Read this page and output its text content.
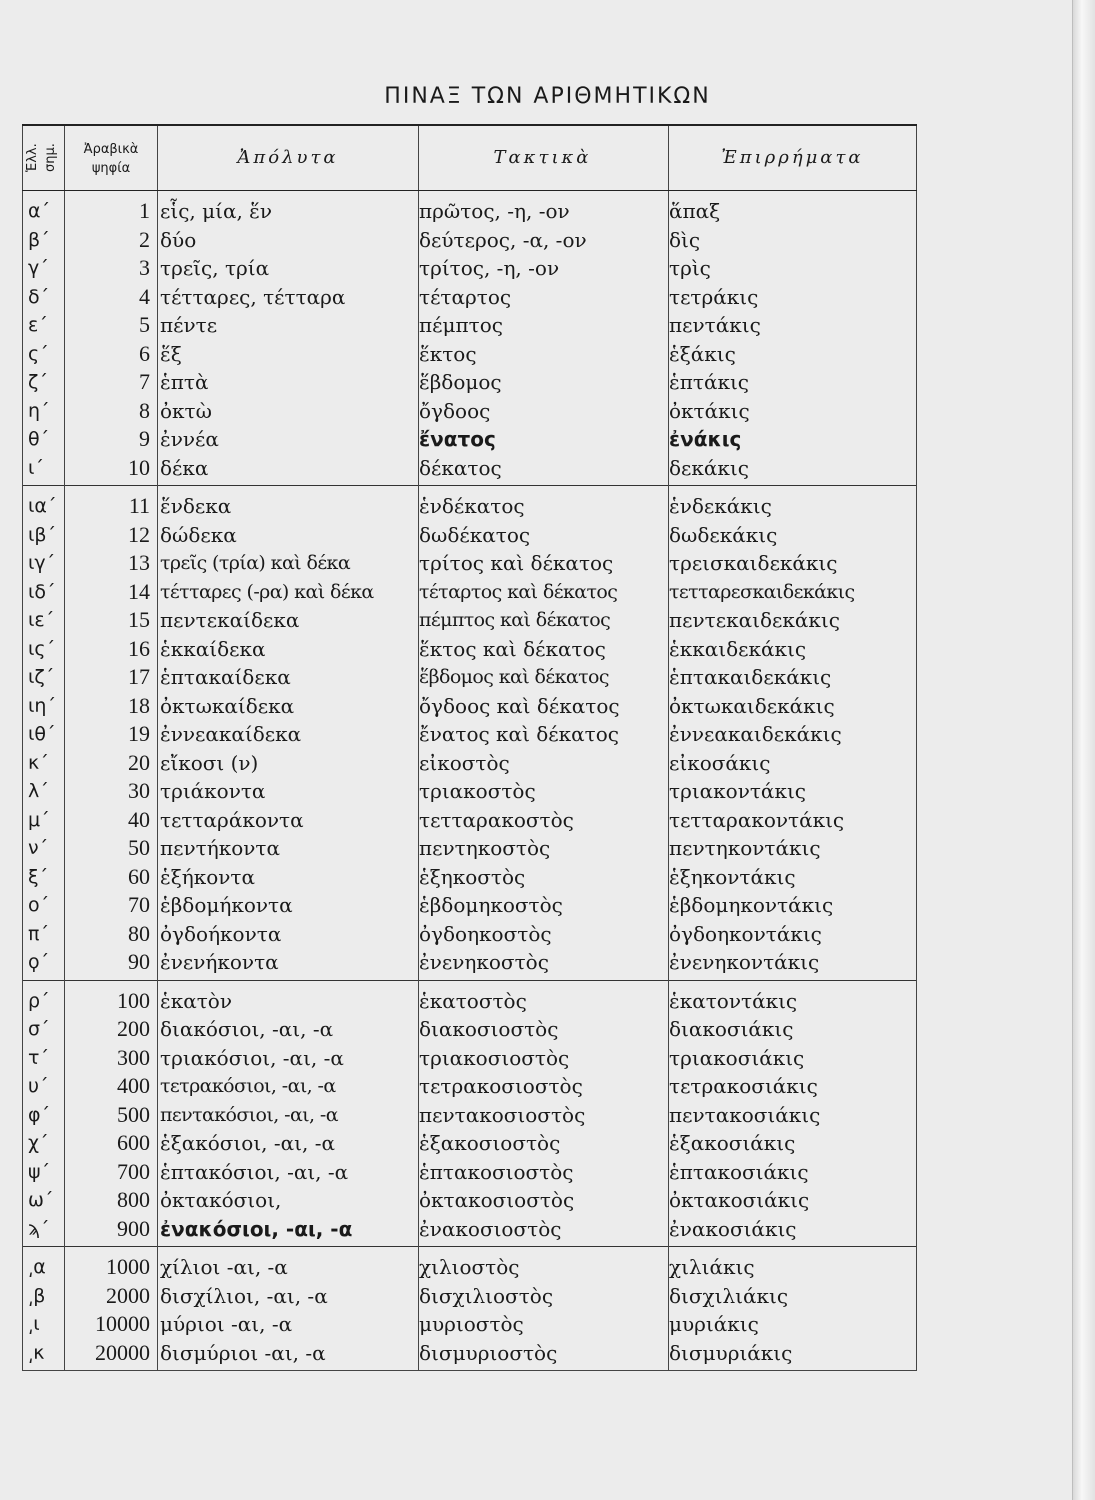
ΠΙΝΑΞ ΤΩΝ ΑΡΙΘΜΗΤΙΚΩΝ
Ἑλλ. σημ.	Ἀραβικὰ ψηφία
Ἀπόλυτα	Τακτικὰ	Ἐπιρρήματα
α΄	1 εἷς, μία, ἕν	πρῶτος, -η, -ον	ἅπαξ
β΄	2 δύο	δεύτερος, -α, -ον	δὶς
γ΄	3 τρεῖς, τρία	τρίτος, -η, -ον	τρὶς
δ΄	4 τέτταρες, τέτταρα	τέταρτος	τετράκις
ε΄	5 πέντε	πέμπτος	πεντάκις
ς΄	6 ἕξ	ἕκτος	ἑξάκις
ζ΄	7 ἑπτὰ	ἕβδομος	ἑπτάκις
η΄	8 ὀκτὼ	ὄγδοος	ὀκτάκις
θ΄	9 ἐννέα	ἔνατος	ἐνάκις
ι΄	10 δέκα	δέκατος	δεκάκις
ια΄	11 ἕνδεκα	ἑνδέκατος	ἑνδεκάκις
ιβ΄	12 δώδεκα	δωδέκατος	δωδεκάκις
ιγ΄	13 τρεῖς (τρία) καὶ δέκα	τρίτος καὶ δέκατος	τρεισκαιδεκάκις
ιδ΄	14 τέτταρες (-ρα) καὶ δέκα	τέταρτος καὶ δέκατος	τετταρεσκαιδεκάκις
ιε΄	15 πεντεκαίδεκα	πέμπτος καὶ δέκατος	πεντεκαιδεκάκις
ις΄	16 ἑκκαίδεκα	ἕκτος καὶ δέκατος	ἑκκαιδεκάκις
ιζ΄	17 ἑπτακαίδεκα	ἕβδομος καὶ δέκατος	ἑπτακαιδεκάκις
ιη΄	18 ὀκτωκαίδεκα	ὄγδοος καὶ δέκατος	ὀκτωκαιδεκάκις
ιθ΄	19 ἐννεακαίδεκα	ἔνατος καὶ δέκατος	ἐννεακαιδεκάκις
κ΄	20 εἴκοσι (ν)	εἰκοστὸς	εἰκοσάκις
λ΄	30 τριάκοντα	τριακοστὸς	τριακοντάκις
μ΄	40 τετταράκοντα	τετταρακοστὸς	τετταρακοντάκις
ν΄	50 πεντήκοντα	πεντηκοστὸς	πεντηκοντάκις
ξ΄	60 ἑξήκοντα	ἑξηκοστὸς	ἑξηκοντάκις
ο΄	70 ἑβδομήκοντα	ἑβδομηκοστὸς	ἑβδομηκοντάκις
π΄	80 ὀγδοήκοντα	ὀγδοηκοστὸς	ὀγδοηκοντάκις
ϙ΄	90 ἐνενήκοντα	ἐνενηκοστὸς	ἐνενηκοντάκις
ρ΄	100 ἑκατὸν	ἑκατοστὸς	ἑκατοντάκις
σ΄	200 διακόσιοι, -αι, -α	διακοσιοστὸς	διακοσιάκις
τ΄	300 τριακόσιοι, -αι, -α	τριακοσιοστὸς	τριακοσιάκις
υ΄	400 τετρακόσιοι, -αι, -α	τετρακοσιοστὸς	τετρακοσιάκις
φ΄	500 πεντακόσιοι, -αι, -α	πεντακοσιοστὸς	πεντακοσιάκις
χ΄	600 ἑξακόσιοι, -αι, -α	ἑξακοσιοστὸς	ἑξακοσιάκις
ψ΄	700 ἑπτακόσιοι, -αι, -α	ἑπτακοσιοστὸς	ἑπτακοσιάκις
ω΄	800 ὀκτακόσιοι,	ὀκτακοσιοστὸς	ὀκτακοσιάκις
ϡ΄	900 ἐνακόσιοι, -αι, -α	ἐνακοσιοστὸς	ἐνακοσιάκις
͵α	1000 χίλιοι -αι, -α	χιλιοστὸς	χιλιάκις
͵β	2000 δισχίλιοι, -αι, -α	δισχιλιοστὸς	δισχιλιάκις
͵ι	10000 μύριοι -αι, -α	μυριοστὸς	μυριάκις
͵κ	20000 δισμύριοι -αι, -α	δισμυριοστὸς	δισμυριάκις
